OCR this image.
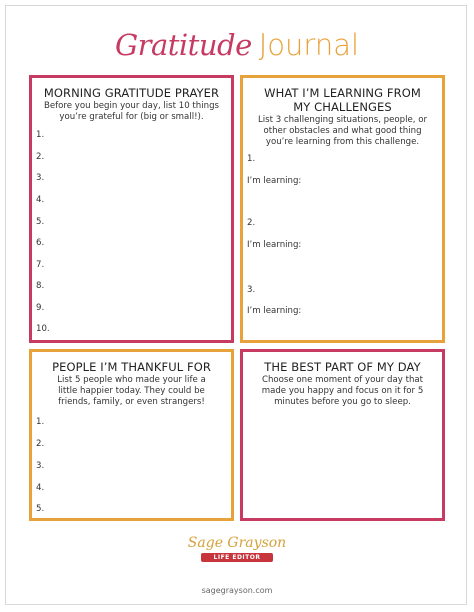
Gratitude Journal
MORNING GRATITUDE PRAYER
Before you begin your day, list 10 things you’re grateful for (big or small!).
1.
2.
3.
4.
5.
6.
7.
8.
9.
10.
WHAT I’M LEARNING FROM MY CHALLENGES
List 3 challenging situations, people, or other obstacles and what good thing you’re learning from this challenge.
1.
I’m learning:
2.
I’m learning:
3.
I’m learning:
PEOPLE I’M THANKFUL FOR
List 5 people who made your life a little happier today. They could be friends, family, or even strangers!
1.
2.
3.
4.
5.
THE BEST PART OF MY DAY
Choose one moment of your day that made you happy and focus on it for 5 minutes before you go to sleep.
Sage Grayson
LIFE EDITOR
sagegrayson.com
